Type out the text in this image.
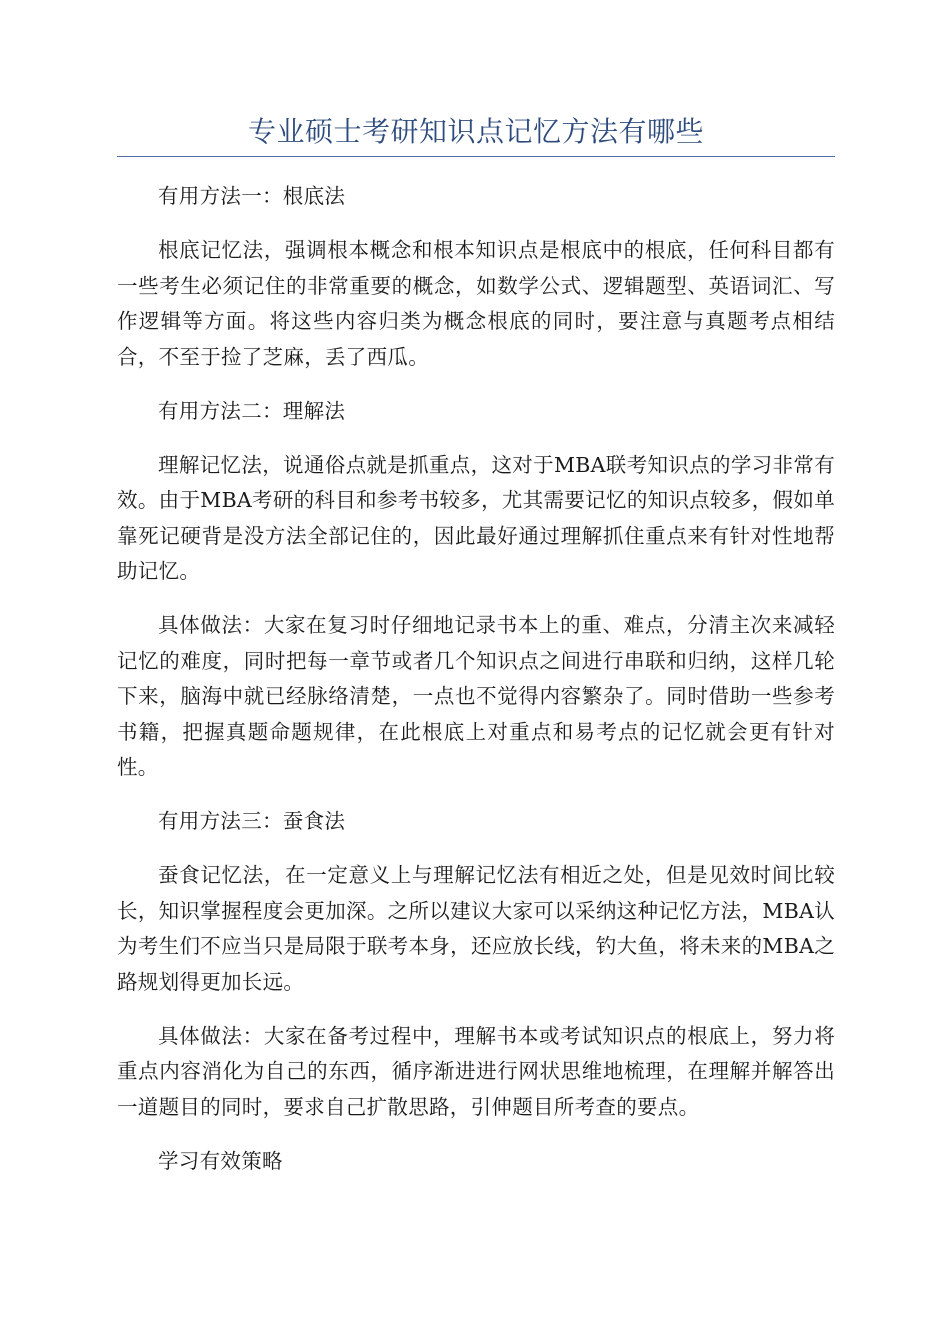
专业硕士考研知识点记忆方法有哪些

有用方法一：根底法

根底记忆法，强调根本概念和根本知识点是根底中的根底，任何科目都有一些考生必须记住的非常重要的概念，如数学公式、逻辑题型、英语词汇、写作逻辑等方面。将这些内容归类为概念根底的同时，要注意与真题考点相结合，不至于捡了芝麻，丢了西瓜。

有用方法二：理解法

理解记忆法，说通俗点就是抓重点，这对于MBA联考知识点的学习非常有效。由于MBA考研的科目和参考书较多，尤其需要记忆的知识点较多，假如单靠死记硬背是没方法全部记住的，因此最好通过理解抓住重点来有针对性地帮助记忆。

具体做法：大家在复习时仔细地记录书本上的重、难点，分清主次来减轻记忆的难度，同时把每一章节或者几个知识点之间进行串联和归纳，这样几轮下来，脑海中就已经脉络清楚，一点也不觉得内容繁杂了。同时借助一些参考书籍，把握真题命题规律，在此根底上对重点和易考点的记忆就会更有针对性。

有用方法三：蚕食法

蚕食记忆法，在一定意义上与理解记忆法有相近之处，但是见效时间比较长，知识掌握程度会更加深。之所以建议大家可以采纳这种记忆方法，MBA认为考生们不应当只是局限于联考本身，还应放长线，钓大鱼，将未来的MBA之路规划得更加长远。

具体做法：大家在备考过程中，理解书本或考试知识点的根底上，努力将重点内容消化为自己的东西，循序渐进进行网状思维地梳理，在理解并解答出一道题目的同时，要求自己扩散思路，引伸题目所考查的要点。

学习有效策略
